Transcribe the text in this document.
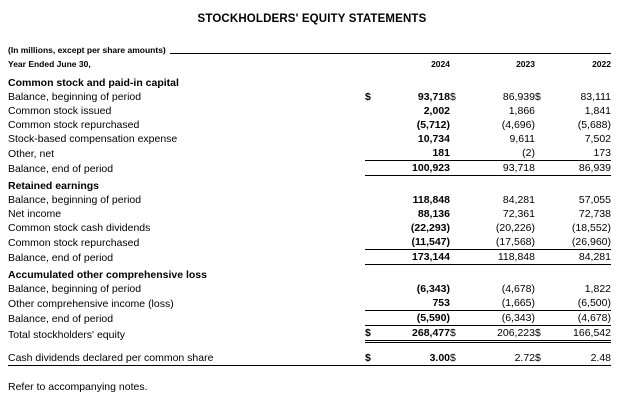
STOCKHOLDERS' EQUITY STATEMENTS
(In millions, except per share amounts)
Year Ended June 30,		2024		2023		2022
Common stock and paid-in capital						
Balance, beginning of period	$	93,718	$	86,939	$	83,111
Common stock issued		2,002		1,866		1,841
Common stock repurchased		(5,712)		(4,696)		(5,688)
Stock-based compensation expense		10,734		9,611		7,502
Other, net		181		(2)		173
Balance, end of period		100,923		93,718		86,939
Retained earnings						
Balance, beginning of period		118,848		84,281		57,055
Net income		88,136		72,361		72,738
Common stock cash dividends		(22,293)		(20,226)		(18,552)
Common stock repurchased		(11,547)		(17,568)		(26,960)
Balance, end of period		173,144		118,848		84,281
Accumulated other comprehensive loss						
Balance, beginning of period		(6,343)		(4,678)		1,822
Other comprehensive income (loss)		753		(1,665)		(6,500)
Balance, end of period		(5,590)		(6,343)		(4,678)
Total stockholders' equity	$	268,477	$	206,223	$	166,542

Cash dividends declared per common share	$	3.00	$	2.72	$	2.48
Refer to accompanying notes.
